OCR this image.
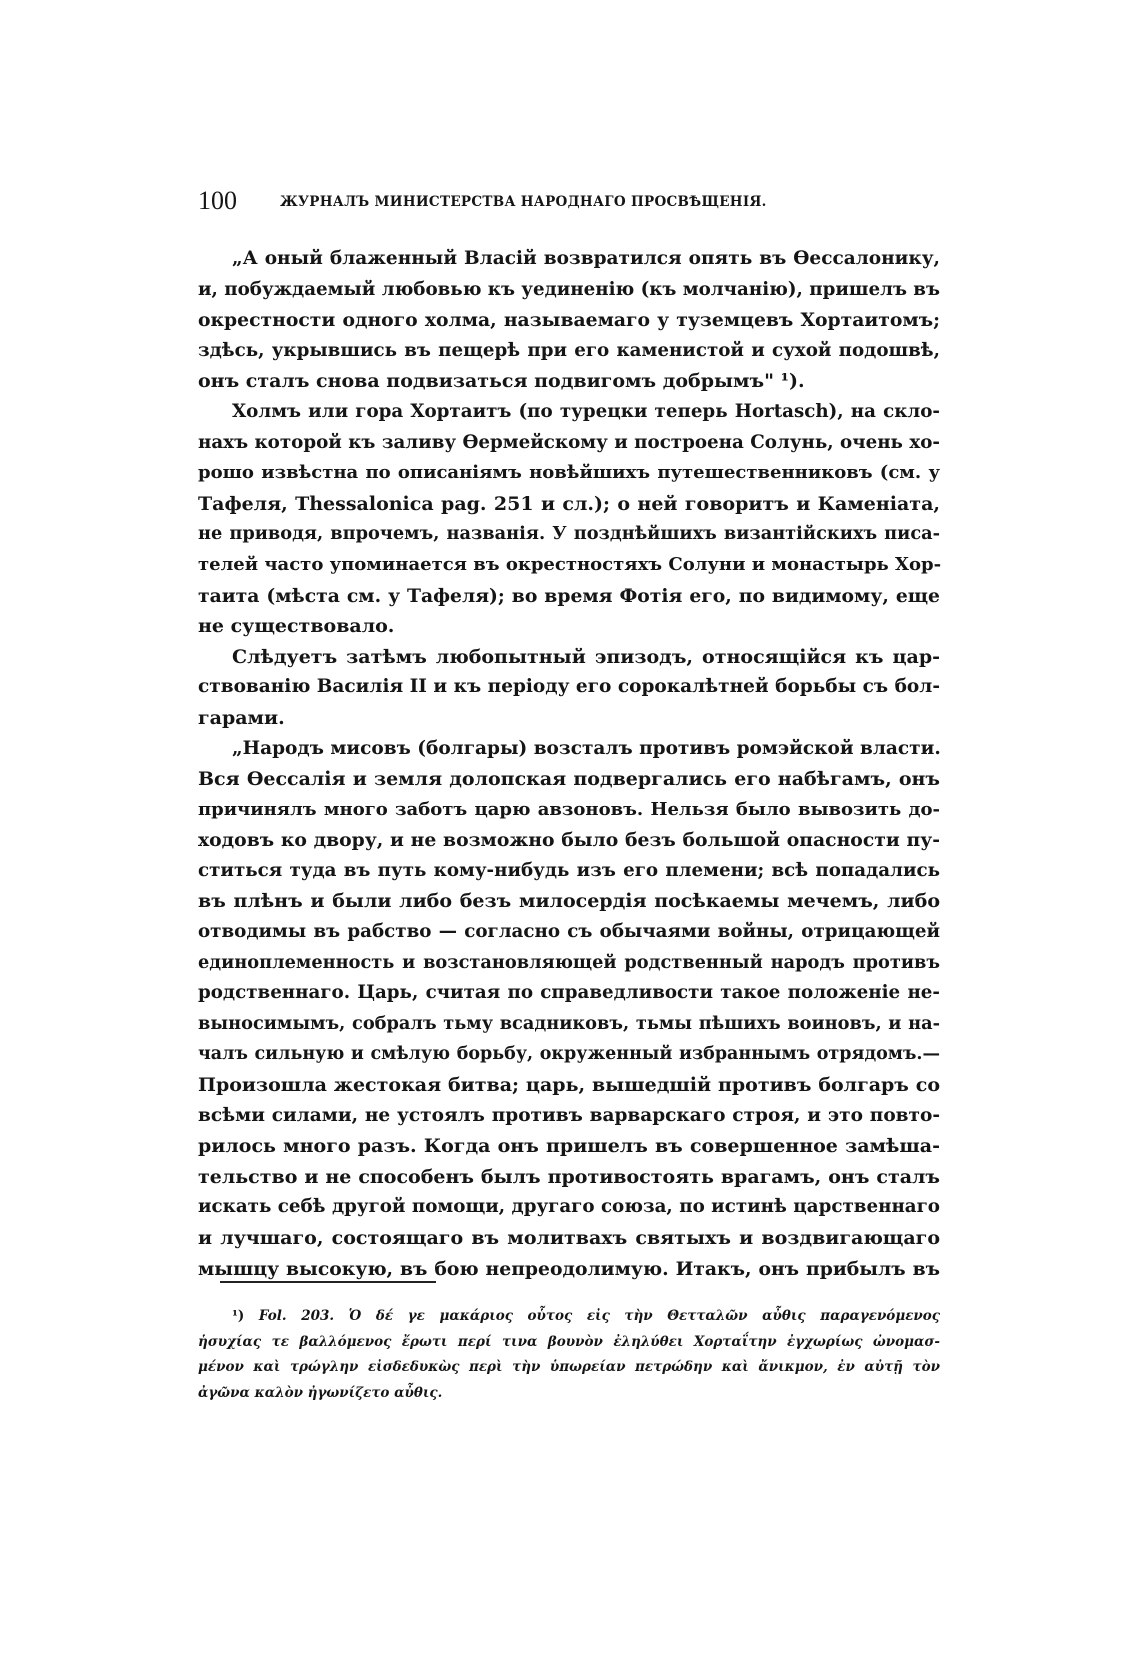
100	ЖУРНАЛЪ МИНИСТЕРСТВА НАРОДНАГО ПРОСВѢЩЕНІЯ.
„А оный блаженный Власій возвратился опять въ Ѳессалонику,
и, побуждаемый любовью къ уединенію (къ молчанію), пришелъ въ
окрестности одного холма, называемаго у туземцевъ Хортаитомъ;
здѣсь, укрывшись въ пещерѣ при его каменистой и сухой подошвѣ,
онъ сталъ снова подвизаться подвигомъ добрымъ" ¹).
Холмъ или гора Хортаитъ (по турецки теперь Hortasch), на скло-
нахъ которой къ заливу Ѳермейскому и построена Солунь, очень хо-
рошо извѣстна по описаніямъ новѣйшихъ путешественниковъ (см. у
Тафеля, Thessalonica pag. 251 и сл.); о ней говоритъ и Каменіата,
не приводя, впрочемъ, названія. У позднѣйшихъ византійскихъ писа-
телей часто упоминается въ окрестностяхъ Солуни и монастырь Хор-
таита (мѣста см. у Тафеля); во время Фотія его, по видимому, еще
не существовало.
Слѣдуетъ затѣмъ любопытный эпизодъ, относящійся къ цар-
ствованію Василія II и къ періоду его сорокалѣтней борьбы съ бол-
гарами.
„Народъ мисовъ (болгары) возсталъ противъ ромэйской власти.
Вся Ѳессалія и земля долопская подвергались его набѣгамъ, онъ
причинялъ много заботъ царю авзоновъ. Нельзя было вывозить до-
ходовъ ко двору, и не возможно было безъ большой опасности пу-
ститься туда въ путь кому-нибудь изъ его племени; всѣ попадались
въ плѣнъ и были либо безъ милосердія посѣкаемы мечемъ, либо
отводимы въ рабство — согласно съ обычаями войны, отрицающей
единоплеменность и возстановляющей родственный народъ противъ
родственнаго. Царь, считая по справедливости такое положеніе не-
выносимымъ, собралъ тьму всадниковъ, тьмы пѣшихъ воиновъ, и на-
чалъ сильную и смѣлую борьбу, окруженный избраннымъ отрядомъ.—
Произошла жестокая битва; царь, вышедшій противъ болгаръ со
всѣми силами, не устоялъ противъ варварскаго строя, и это повто-
рилось много разъ. Когда онъ пришелъ въ совершенное замѣша-
тельство и не способенъ былъ противостоять врагамъ, онъ сталъ
искать себѣ другой помощи, другаго союза, по истинѣ царственнаго
и лучшаго, состоящаго въ молитвахъ святыхъ и воздвигающаго
мышцу высокую, въ бою непреодолимую. Итакъ, онъ прибылъ въ
¹) Fol. 203. Ὁ δέ γε μακάριος οὗτος εἰς τὴν Θετταλῶν αὖθις παραγενόμενος
ἡσυχίας τε βαλλόμενος ἔρωτι περί τινα βουνὸν ἐληλύθει Χορταΐτην ἐγχωρίως ὠνομασ-
μένον καὶ τρώγλην εἰσδεδυκὼς περὶ τὴν ὑπωρείαν πετρώδην καὶ ἄνικμον, ἐν αὐτῇ τὸν
ἀγῶνα καλὸν ἠγωνίζετο αὖθις.
